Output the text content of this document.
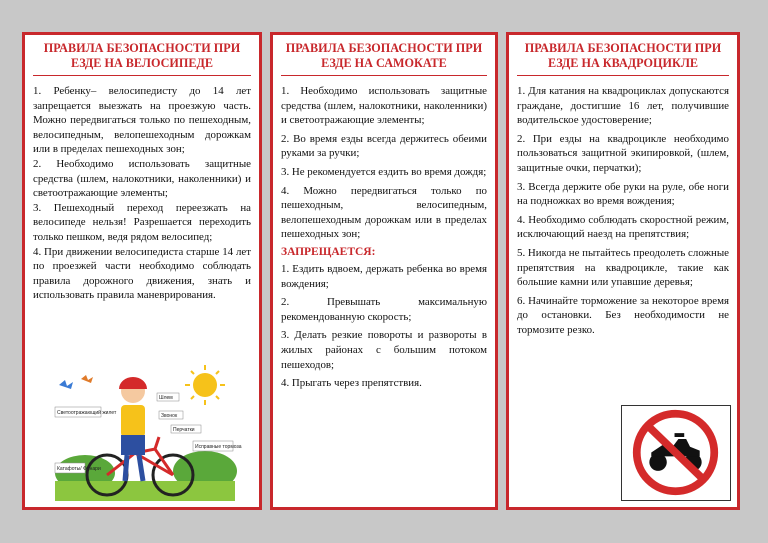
ПРАВИЛА БЕЗОПАСНОСТИ ПРИ ЕЗДЕ НА ВЕЛОСИПЕДЕ

1. Ребенку– велосипедисту до 14 лет запрещается выезжать на проезжую часть. Можно передвигаться только по пешеходным, велосипедным, велопешеходным дорожкам или в пределах пешеходных зон;

2. Необходимо использовать защитные средства (шлем, налокотники, наколенники) и светоотражающие элементы;

3. Пешеходный переход переезжать на велосипеде нельзя! Разрешается переходить только пешком, ведя рядом велосипед;

4. При движении велосипедиста старше 14 лет по проезжей части необходимо соблюдать правила дорожного движения, знать и использовать правила маневрирования.

Шлем
Звонок
Светоотражающий жилет
Перчатки
Исправные тормоза
Катафоты/ Фонари
ПРАВИЛА БЕЗОПАСНОСТИ ПРИ ЕЗДЕ НА САМОКАТЕ

1. Необходимо использовать защитные средства (шлем, налокотники, наколенники) и светоотражающие элементы;

2. Во время езды всегда держитесь обеими руками за ручки;

3. Не рекомендуется ездить во время дождя;

4. Можно передвигаться только по пешеходным, велосипедным, велопешеходным дорожкам или в пределах пешеходных зон;

ЗАПРЕЩАЕТСЯ:

1. Ездить вдвоем, держать ребенка во время вождения;

2. Превышать максимальную рекомендованную скорость;

3. Делать резкие повороты и развороты в жилых районах с большим потоком пешеходов;

4. Прыгать через препятствия.

ПРАВИЛА БЕЗОПАСНОСТИ ПРИ ЕЗДЕ НА КВАДРОЦИКЛЕ

1. Для катания на квадроциклах допускаются граждане, достигшие 16 лет, получившие водительское удостоверение;

2. При езды на квадроцикле необходимо пользоваться защитной экипировкой, (шлем, защитные очки, перчатки);

3. Всегда держите обе руки на руле, обе ноги на подножках во время вождения;

4. Необходимо соблюдать скоростной режим, исключающий наезд на препятствия;

5. Никогда не пытайтесь преодолеть сложные препятствия на квадроцикле, такие как большие камни или упавшие деревья;

6. Начинайте торможение за некоторое время до остановки. Без необходимости не тормозите резко.
